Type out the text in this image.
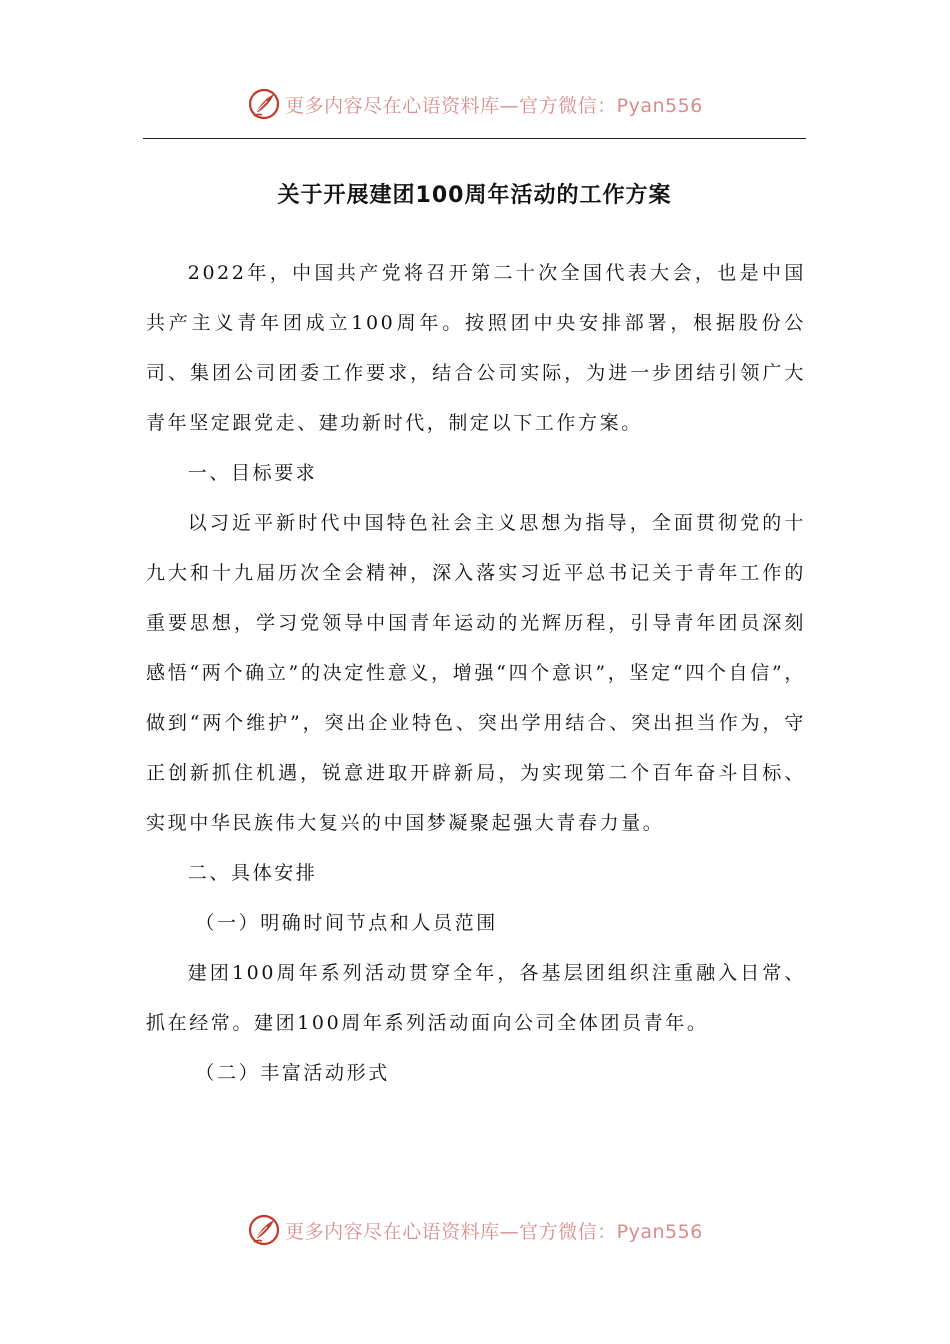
更多内容尽在心语资料库—官方微信：Pyan556
关于开展建团100周年活动的工作方案

2022年，中国共产党将召开第二十次全国代表大会，也是中国共产主义青年团成立100周年。按照团中央安排部署，根据股份公司、集团公司团委工作要求，结合公司实际，为进一步团结引领广大青年坚定跟党走、建功新时代，制定以下工作方案。

一、目标要求

以习近平新时代中国特色社会主义思想为指导，全面贯彻党的十九大和十九届历次全会精神，深入落实习近平总书记关于青年工作的重要思想，学习党领导中国青年运动的光辉历程，引导青年团员深刻感悟“两个确立”的决定性意义，增强“四个意识”，坚定“四个自信”，做到“两个维护”，突出企业特色、突出学用结合、突出担当作为，守正创新抓住机遇，锐意进取开辟新局，为实现第二个百年奋斗目标、实现中华民族伟大复兴的中国梦凝聚起强大青春力量。

二、具体安排

（一）明确时间节点和人员范围

建团100周年系列活动贯穿全年，各基层团组织注重融入日常、抓在经常。建团100周年系列活动面向公司全体团员青年。

（二）丰富活动形式

更多内容尽在心语资料库—官方微信：Pyan556
